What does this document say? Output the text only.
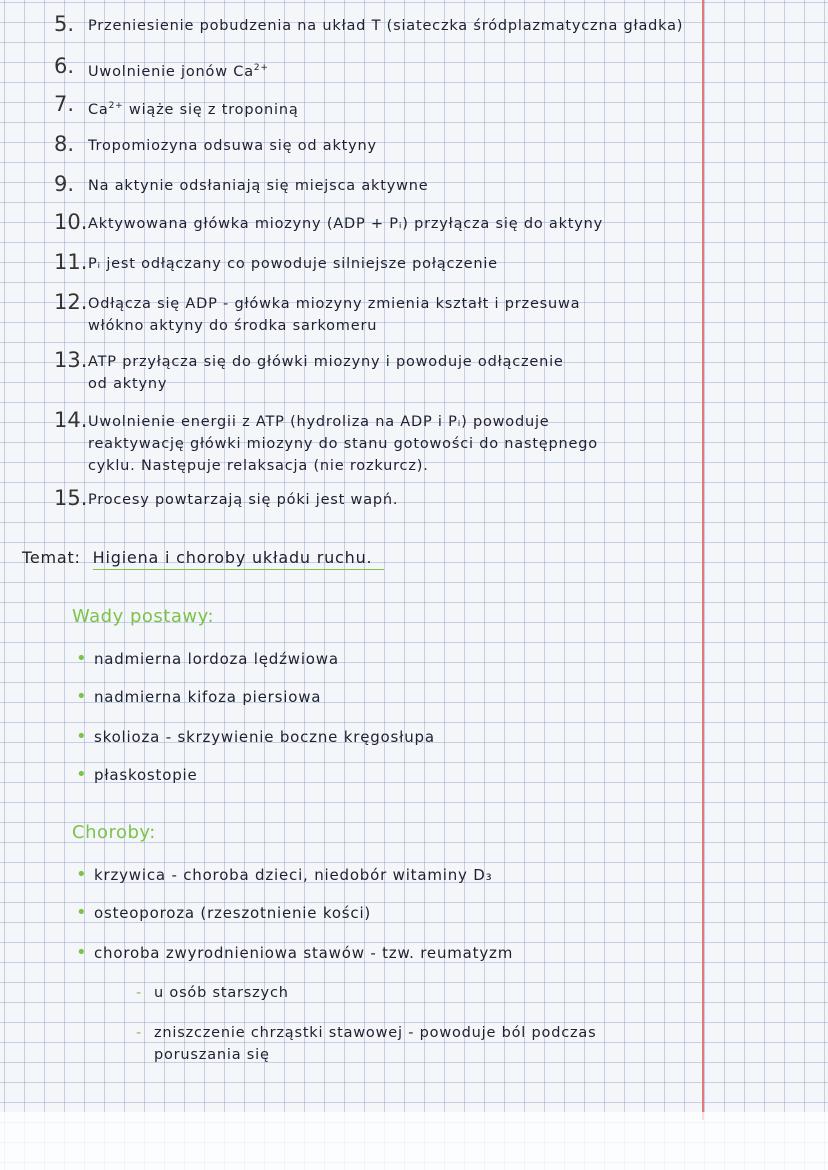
5. Przeniesienie pobudzenia na układ T (siateczka śródplazmatyczna gładka)
6. Uwolnienie jonów $Ca^{2+}$
7. $Ca^{2+}$ wiąże się z troponiną
8. Tropomiozyna odsuwa się od aktyny
9. Na aktynie odsłaniają się miejsca aktywne
10. Aktywowana główka miozyny (ADP + Pᵢ) przyłącza się do aktyny
11. Pᵢ jest odłączany co powoduje silniejsze połączenie
12. Odłącza się ADP - główka miozyny zmienia kształt i przesuwa
włókno aktyny do środka sarkomeru
13. ATP przyłącza się do główki miozyny i powoduje odłączenie
od aktyny
14. Uwolnienie energii z ATP (hydroliza na ADP i Pᵢ) powoduje
reaktywację główki miozyny do stanu gotowości do następnego
cyklu. Następuje relaksacja (nie rozkurcz).
15. Procesy powtarzają się póki jest wapń.
Temat: Higiena i choroby układu ruchu.
Wady postawy:
• nadmierna lordoza lędźwiowa
• nadmierna kifoza piersiowa
• skolioza - skrzywienie boczne kręgosłupa
• płaskostopie
Choroby:
• krzywica - choroba dzieci, niedobór witaminy D₃
• osteoporoza (rzeszotnienie kości)
• choroba zwyrodnieniowa stawów - tzw. reumatyzm
- u osób starszych
- zniszczenie chrząstki stawowej - powoduje ból podczas
poruszania się
